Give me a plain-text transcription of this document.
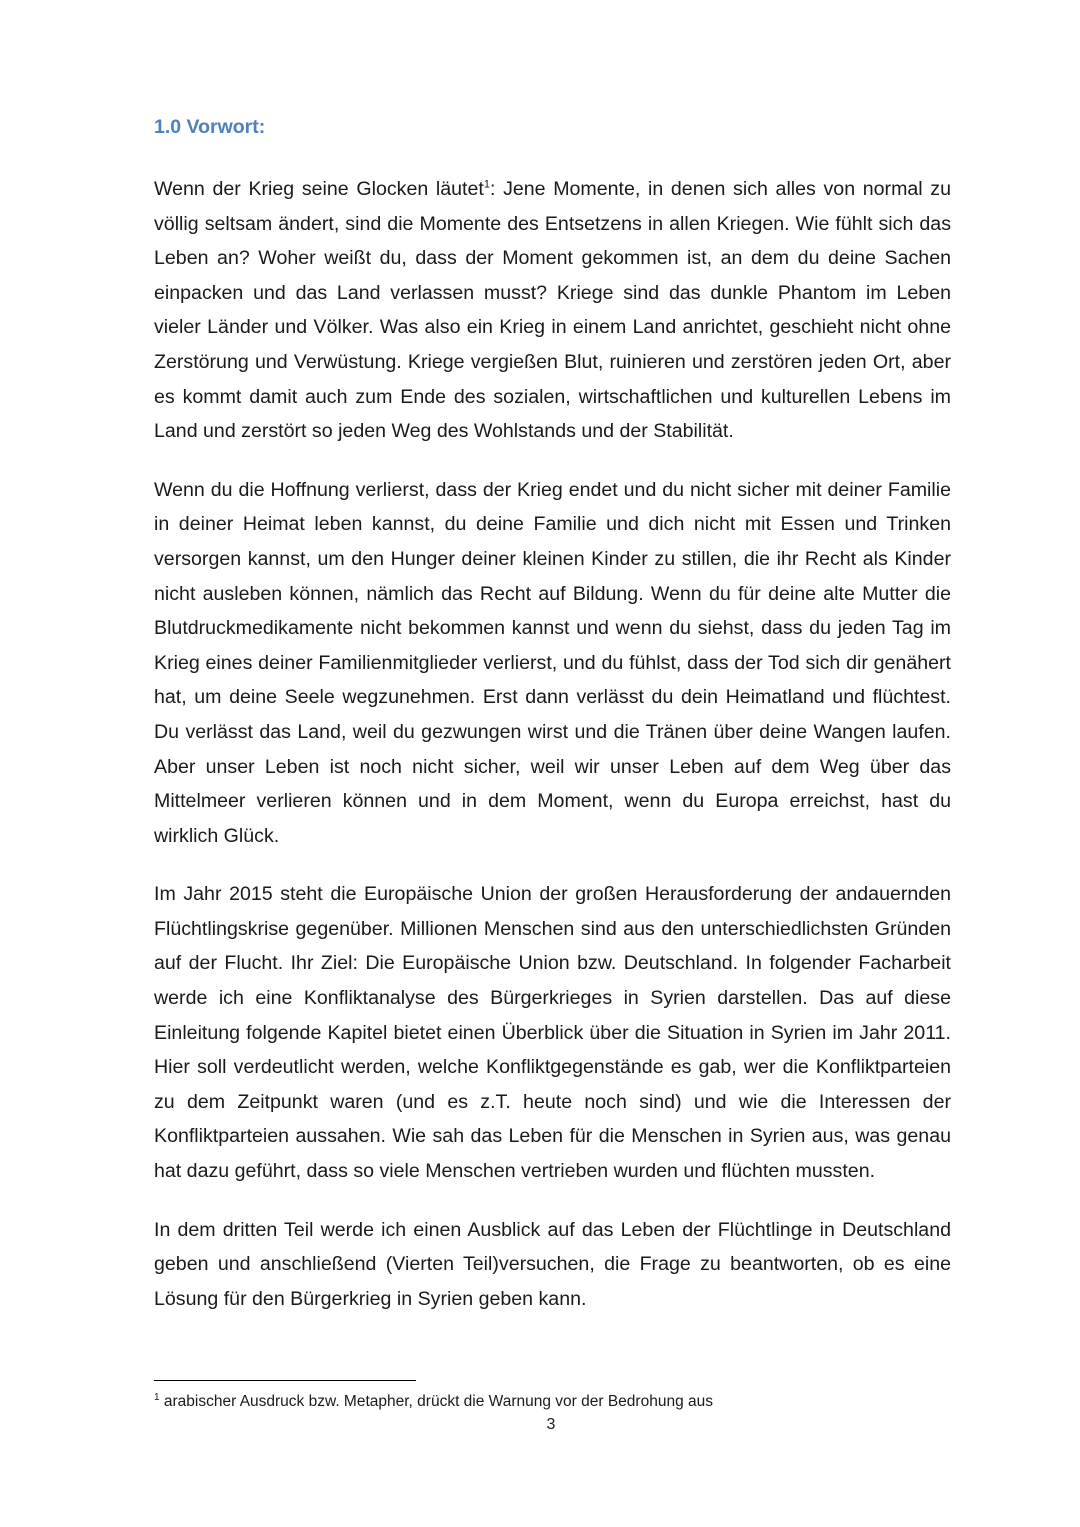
1.0 Vorwort:

Wenn der Krieg seine Glocken läutet$^1$: Jene Momente, in denen sich alles von normal zu völlig seltsam ändert, sind die Momente des Entsetzens in allen Kriegen. Wie fühlt sich das Leben an? Woher weißt du, dass der Moment gekommen ist, an dem du deine Sachen einpacken und das Land verlassen musst? Kriege sind das dunkle Phantom im Leben vieler Länder und Völker. Was also ein Krieg in einem Land anrichtet, geschieht nicht ohne Zerstörung und Verwüstung. Kriege vergießen Blut, ruinieren und zerstören jeden Ort, aber es kommt damit auch zum Ende des sozialen, wirtschaftlichen und kulturellen Lebens im Land und zerstört so jeden Weg des Wohlstands und der Stabilität.

Wenn du die Hoffnung verlierst, dass der Krieg endet und du nicht sicher mit deiner Familie in deiner Heimat leben kannst, du deine Familie und dich nicht mit Essen und Trinken versorgen kannst, um den Hunger deiner kleinen Kinder zu stillen, die ihr Recht als Kinder nicht ausleben können, nämlich das Recht auf Bildung. Wenn du für deine alte Mutter die Blutdruckmedikamente nicht bekommen kannst und wenn du siehst, dass du jeden Tag im Krieg eines deiner Familienmitglieder verlierst, und du fühlst, dass der Tod sich dir genähert hat, um deine Seele wegzunehmen. Erst dann verlässt du dein Heimatland und flüchtest. Du verlässt das Land, weil du gezwungen wirst und die Tränen über deine Wangen laufen. Aber unser Leben ist noch nicht sicher, weil wir unser Leben auf dem Weg über das Mittelmeer verlieren können und in dem Moment, wenn du Europa erreichst, hast du wirklich Glück.

Im Jahr 2015 steht die Europäische Union der großen Herausforderung der andauernden Flüchtlingskrise gegenüber. Millionen Menschen sind aus den unterschiedlichsten Gründen auf der Flucht. Ihr Ziel: Die Europäische Union bzw. Deutschland. In folgender Facharbeit werde ich eine Konfliktanalyse des Bürgerkrieges in Syrien darstellen. Das auf diese Einleitung folgende Kapitel bietet einen Überblick über die Situation in Syrien im Jahr 2011. Hier soll verdeutlicht werden, welche Konfliktgegenstände es gab, wer die Konfliktparteien zu dem Zeitpunkt waren (und es z.T. heute noch sind) und wie die Interessen der Konfliktparteien aussahen. Wie sah das Leben für die Menschen in Syrien aus, was genau hat dazu geführt, dass so viele Menschen vertrieben wurden und flüchten mussten.

In dem dritten Teil werde ich einen Ausblick auf das Leben der Flüchtlinge in Deutschland geben und anschließend (Vierten Teil)versuchen, die Frage zu beantworten, ob es eine Lösung für den Bürgerkrieg in Syrien geben kann.

$^1$ arabischer Ausdruck bzw. Metapher, drückt die Warnung vor der Bedrohung aus
3
